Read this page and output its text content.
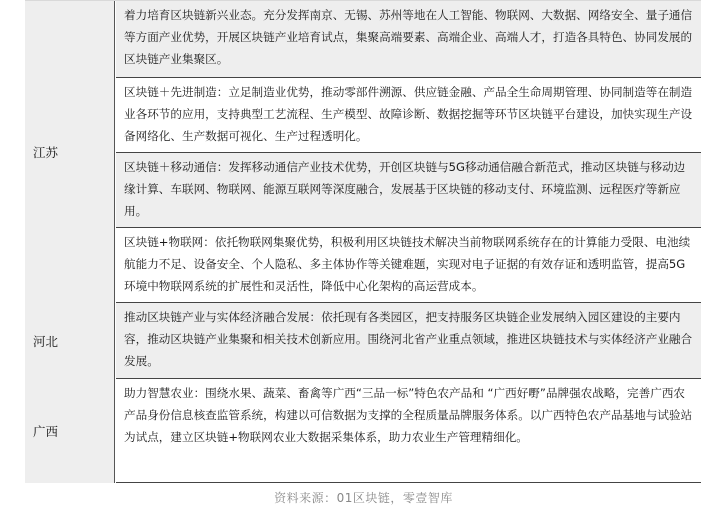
江苏
着力培育区块链新兴业态。充分发挥南京、无锡、苏州等地在人工智能、物联网、大数据、网络安全、量子通信等方面产业优势，开展区块链产业培育试点，集聚高端要素、高端企业、高端人才，打造各具特色、协同发展的区块链产业集聚区。
区块链＋先进制造：立足制造业优势，推动零部件溯源、供应链金融、产品全生命周期管理、协同制造等在制造业各环节的应用，支持典型工艺流程、生产模型、故障诊断、数据挖掘等环节区块链平台建设，加快实现生产设备网络化、生产数据可视化、生产过程透明化。
区块链＋移动通信：发挥移动通信产业技术优势，开创区块链与5G移动通信融合新范式，推动区块链与移动边缘计算、车联网、物联网、能源互联网等深度融合，发展基于区块链的移动支付、环境监测、远程医疗等新应用。
区块链+物联网：依托物联网集聚优势，积极利用区块链技术解决当前物联网系统存在的计算能力受限、电池续航能力不足、设备安全、个人隐私、多主体协作等关键难题，实现对电子证据的有效存证和透明监管，提高5G环境中物联网系统的扩展性和灵活性，降低中心化架构的高运营成本。
河北
推动区块链产业与实体经济融合发展：依托现有各类园区，把支持服务区块链企业发展纳入园区建设的主要内容，推动区块链产业集聚和相关技术创新应用。围绕河北省产业重点领域，推进区块链技术与实体经济产业融合发展。
广西
助力智慧农业：围绕水果、蔬菜、畜禽等广西“三品一标”特色农产品和 “广西好嘢”品牌强农战略，完善广西农产品身份信息核查监管系统，构建以可信数据为支撑的全程质量品牌服务体系。以广西特色农产品基地与试验站为试点，建立区块链+物联网农业大数据采集体系，助力农业生产管理精细化。
资料来源：01区块链，零壹智库
